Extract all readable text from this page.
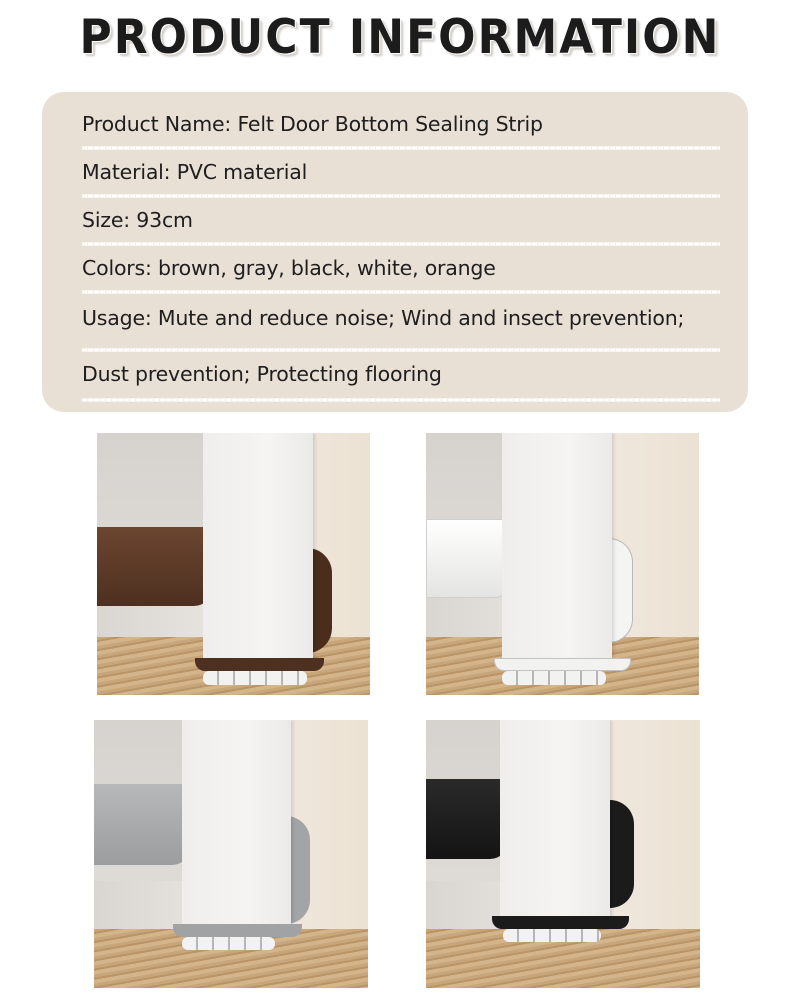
PRODUCT INFORMATION
Product Name: Felt Door Bottom Sealing Strip
Material: PVC material
Size: 93cm
Colors: brown, gray, black, white, orange
Usage: Mute and reduce noise; Wind and insect prevention;
Dust prevention; Protecting flooring
